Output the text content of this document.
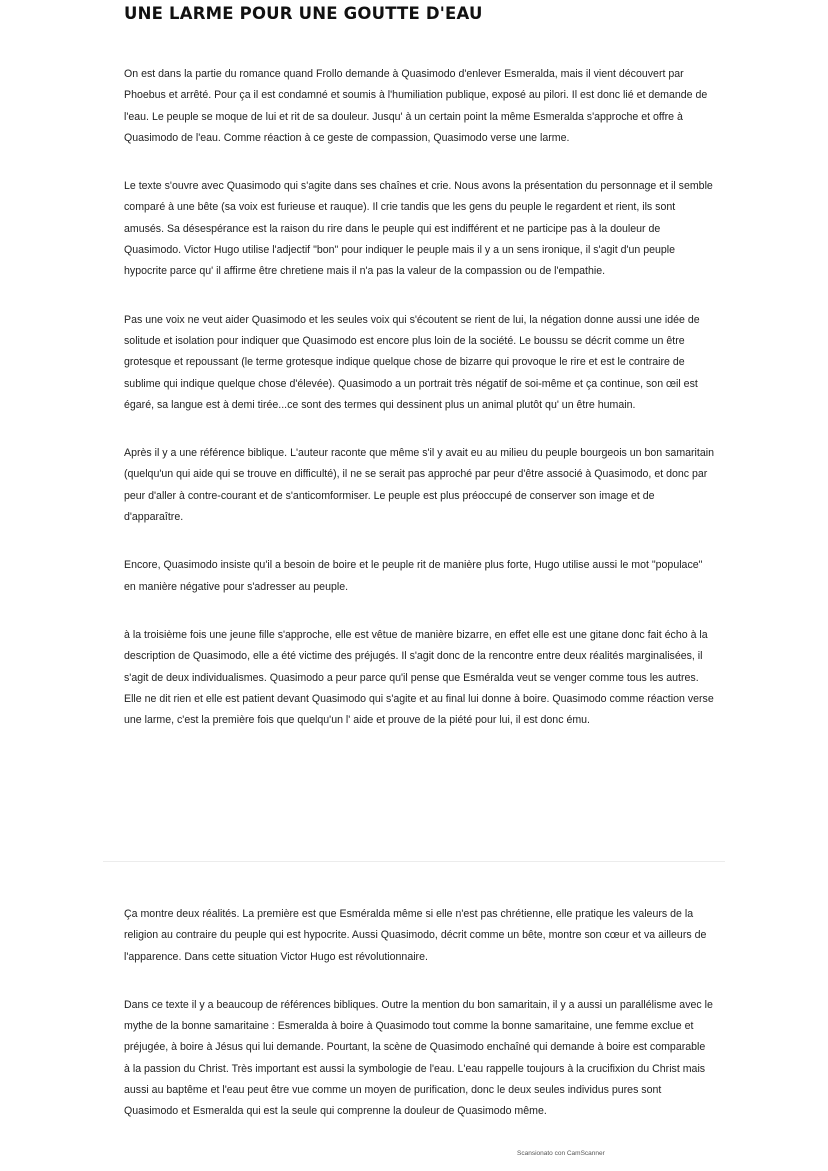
UNE LARME POUR UNE GOUTTE D'EAU

On est dans la partie du romance quand Frollo demande à Quasimodo d'enlever Esmeralda, mais il vient découvert par Phoebus et arrêté. Pour ça il est condamné et soumis à l'humiliation publique, exposé au pilori. Il est donc lié et demande de l'eau. Le peuple se moque de lui et rit de sa douleur. Jusqu' à un certain point la même Esmeralda s'approche et offre à Quasimodo de l'eau. Comme réaction à ce geste de compassion, Quasimodo verse une larme.

Le texte s'ouvre avec Quasimodo qui s'agite dans ses chaînes et crie. Nous avons la présentation du personnage et il semble comparé à une bête (sa voix est furieuse et rauque). Il crie tandis que les gens du peuple le regardent et rient, ils sont amusés. Sa désespérance est la raison du rire dans le peuple qui est indifférent et ne participe pas à la douleur de Quasimodo. Victor Hugo utilise l'adjectif "bon" pour indiquer le peuple mais il y a un sens ironique, il s'agit d'un peuple hypocrite parce qu' il affirme être chretiene mais il n'a pas la valeur de la compassion ou de l'empathie.

Pas une voix ne veut aider Quasimodo et les seules voix qui s'écoutent se rient de lui, la négation donne aussi une idée de solitude et isolation pour indiquer que Quasimodo est encore plus loin de la société. Le boussu se décrit comme un être grotesque et repoussant (le terme grotesque indique quelque chose de bizarre qui provoque le rire et est le contraire de sublime qui indique quelque chose d'élevée). Quasimodo a un portrait très négatif de soi-même et ça continue, son œil est égaré, sa langue est à demi tirée...ce sont des termes qui dessinent plus un animal plutôt qu' un être humain.

Après il y a une référence biblique. L'auteur raconte que même s'il y avait eu au milieu du peuple bourgeois un bon samaritain (quelqu'un qui aide qui se trouve en difficulté), il ne se serait pas approché par peur d'être associé à Quasimodo, et donc par peur d'aller à contre-courant et de s'anticomformiser. Le peuple est plus préoccupé de conserver son image et de d'apparaître.

Encore, Quasimodo insiste qu'il a besoin de boire et le peuple rit de manière plus forte, Hugo utilise aussi le mot "populace" en manière négative pour s'adresser au peuple.

à la troisième fois une jeune fille s'approche, elle est vêtue de manière bizarre, en effet elle est une gitane donc fait écho à la description de Quasimodo, elle a été victime des préjugés. Il s'agit donc de la rencontre entre deux réalités marginalisées, il s'agit de deux individualismes. Quasimodo a peur parce qu'il pense que Esméralda veut se venger comme tous les autres. Elle ne dit rien et elle est patient devant Quasimodo qui s'agite et au final lui donne à boire. Quasimodo comme réaction verse une larme, c'est la première fois que quelqu'un l' aide et prouve de la piété pour lui, il est donc ému.

Ça montre deux réalités. La première est que Esméralda même si elle n'est pas chrétienne, elle pratique les valeurs de la religion au contraire du peuple qui est hypocrite. Aussi Quasimodo, décrit comme un bête, montre son cœur et va ailleurs de l'apparence. Dans cette situation Victor Hugo est révolutionnaire.

Dans ce texte il y a beaucoup de références bibliques. Outre la mention du bon samaritain, il y a aussi un parallélisme avec le mythe de la bonne samaritaine : Esmeralda à boire à Quasimodo tout comme la bonne samaritaine, une femme exclue et préjugée, à boire à Jésus qui lui demande. Pourtant, la scène de Quasimodo enchaîné qui demande à boire est comparable à la passion du Christ. Très important est aussi la symbologie de l'eau. L'eau rappelle toujours à la crucifixion du Christ mais aussi au baptême et l'eau peut être vue comme un moyen de purification, donc le deux seules individus pures sont Quasimodo et Esmeralda qui est la seule qui comprenne la douleur de Quasimodo même.

Scansionato con CamScanner
